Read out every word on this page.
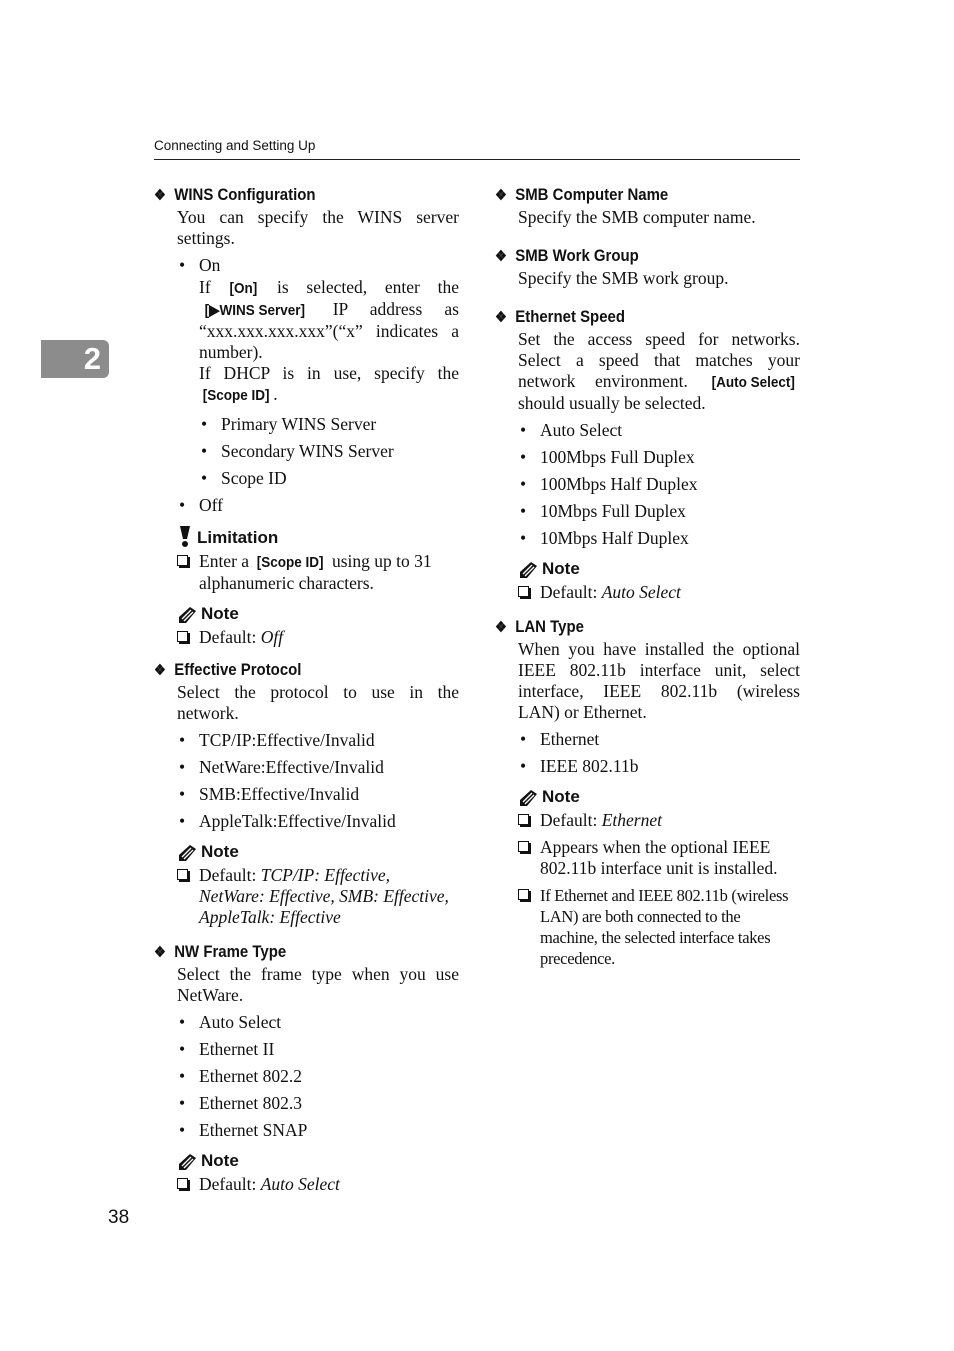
Connecting and Setting Up
2
38
❖ WINS Configuration

You can specify the WINS server settings.

• On

If [On] is selected, enter the [▶WINS Server] IP address as “xxx.xxx.xxx.xxx”(“x” indicates a number).

If DHCP is in use, specify the [Scope ID] .

• Primary WINS Server
• Secondary WINS Server
• Scope ID
• Off
Limitation
Enter a [Scope ID] using up to 31 alphanumeric characters.
Note
Default: Off
❖ Effective Protocol

Select the protocol to use in the network.

• TCP/IP:Effective/Invalid
• NetWare:Effective/Invalid
• SMB:Effective/Invalid
• AppleTalk:Effective/Invalid
Note
Default: TCP/IP: Effective, NetWare: Effective, SMB: Effective, AppleTalk: Effective
❖ NW Frame Type

Select the frame type when you use NetWare.

• Auto Select
• Ethernet II
• Ethernet 802.2
• Ethernet 802.3
• Ethernet SNAP
Note
Default: Auto Select
❖ SMB Computer Name

Specify the SMB computer name.

❖ SMB Work Group

Specify the SMB work group.

❖ Ethernet Speed

Set the access speed for networks. Select a speed that matches your network environment. [Auto Select] should usually be selected.

• Auto Select
• 100Mbps Full Duplex
• 100Mbps Half Duplex
• 10Mbps Full Duplex
• 10Mbps Half Duplex
Note
Default: Auto Select
❖ LAN Type

When you have installed the optional IEEE 802.11b interface unit, select interface, IEEE 802.11b (wireless LAN) or Ethernet.

• Ethernet
• IEEE 802.11b
Note
Default: Ethernet
Appears when the optional IEEE 802.11b interface unit is installed.
If Ethernet and IEEE 802.11b (wireless LAN) are both connected to the machine, the selected interface takes precedence.
